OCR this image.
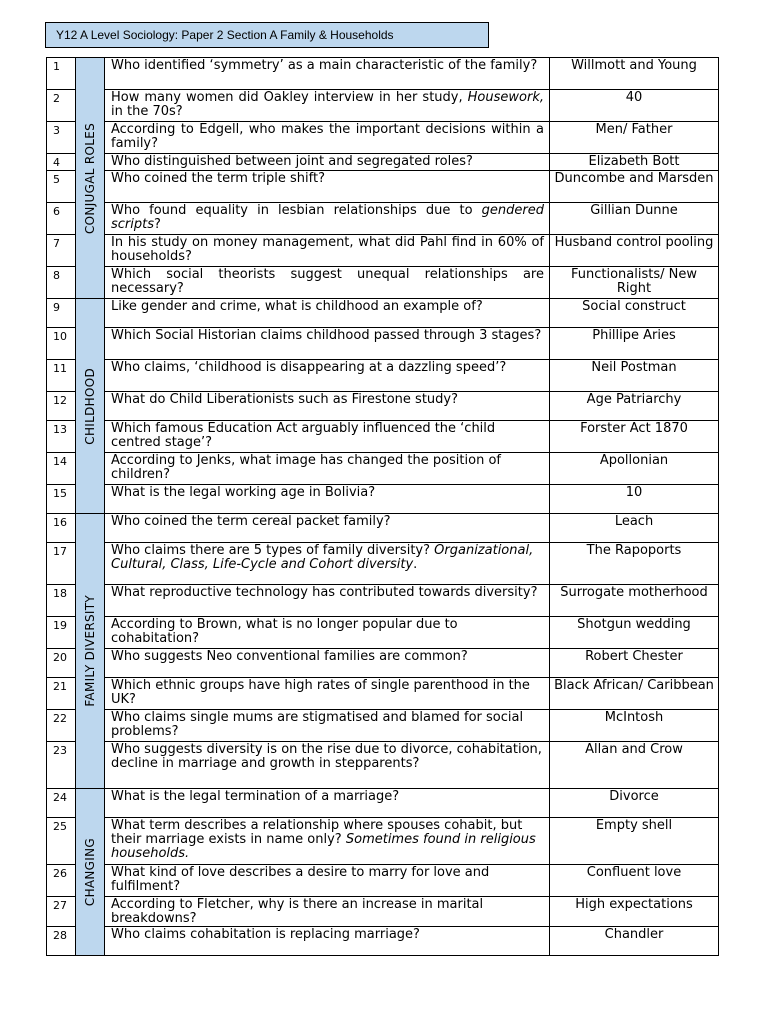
Y12 A Level Sociology: Paper 2 Section A Family & Households
1	CONJUGAL ROLES	Who identified ‘symmetry’ as a main characteristic of the family?	Willmott and Young
2		How many women did Oakley interview in her study, Housework, in the 70s?	40
3		According to Edgell, who makes the important decisions within a family?	Men/ Father
4		Who distinguished between joint and segregated roles?	Elizabeth Bott
5		Who coined the term triple shift?	Duncombe and Marsden
6		Who found equality in lesbian relationships due to gendered scripts?	Gillian Dunne
7		In his study on money management, what did Pahl find in 60% of households?	Husband control pooling
8		Which social theorists suggest unequal relationships are necessary?	Functionalists/ New Right
9	CHILDHOOD	Like gender and crime, what is childhood an example of?	Social construct
10		Which Social Historian claims childhood passed through 3 stages?	Phillipe Aries
11		Who claims, ‘childhood is disappearing at a dazzling speed’?	Neil Postman
12		What do Child Liberationists such as Firestone study?	Age Patriarchy
13		Which famous Education Act arguably influenced the ‘child centred stage’?	Forster Act 1870
14		According to Jenks, what image has changed the position of children?	Apollonian
15		What is the legal working age in Bolivia?	10
16	FAMILY DIVERSITY	Who coined the term cereal packet family?	Leach
17		Who claims there are 5 types of family diversity? Organizational, Cultural, Class, Life-Cycle and Cohort diversity.	The Rapoports
18		What reproductive technology has contributed towards diversity?	Surrogate motherhood
19		According to Brown, what is no longer popular due to cohabitation?	Shotgun wedding
20		Who suggests Neo conventional families are common?	Robert Chester
21		Which ethnic groups have high rates of single parenthood in the UK?	Black African/ Caribbean
22		Who claims single mums are stigmatised and blamed for social problems?	McIntosh
23		Who suggests diversity is on the rise due to divorce, cohabitation, decline in marriage and growth in stepparents?	Allan and Crow
24	CHANGING	What is the legal termination of a marriage?	Divorce
25		What term describes a relationship where spouses cohabit, but their marriage exists in name only? Sometimes found in religious households.	Empty shell
26		What kind of love describes a desire to marry for love and fulfilment?	Confluent love
27		According to Fletcher, why is there an increase in marital breakdowns?	High expectations
28		Who claims cohabitation is replacing marriage?	Chandler
